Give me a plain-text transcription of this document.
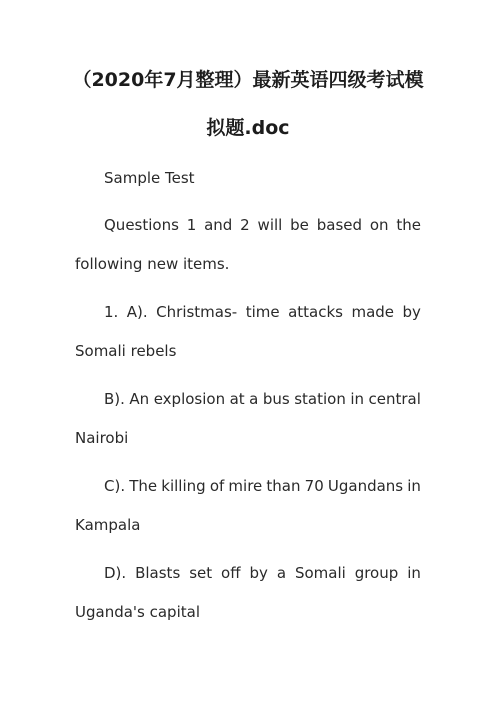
（2020年7月整理）最新英语四级考试模
拟题.doc
Sample Test
Questions 1 and 2 will be based on the
following new items.
1. A). Christmas- time attacks made by
Somali rebels
B). An explosion at a bus station in central
Nairobi
C). The killing of mire than 70 Ugandans in
Kampala
D). Blasts set off by a Somali group in
Uganda's capital
